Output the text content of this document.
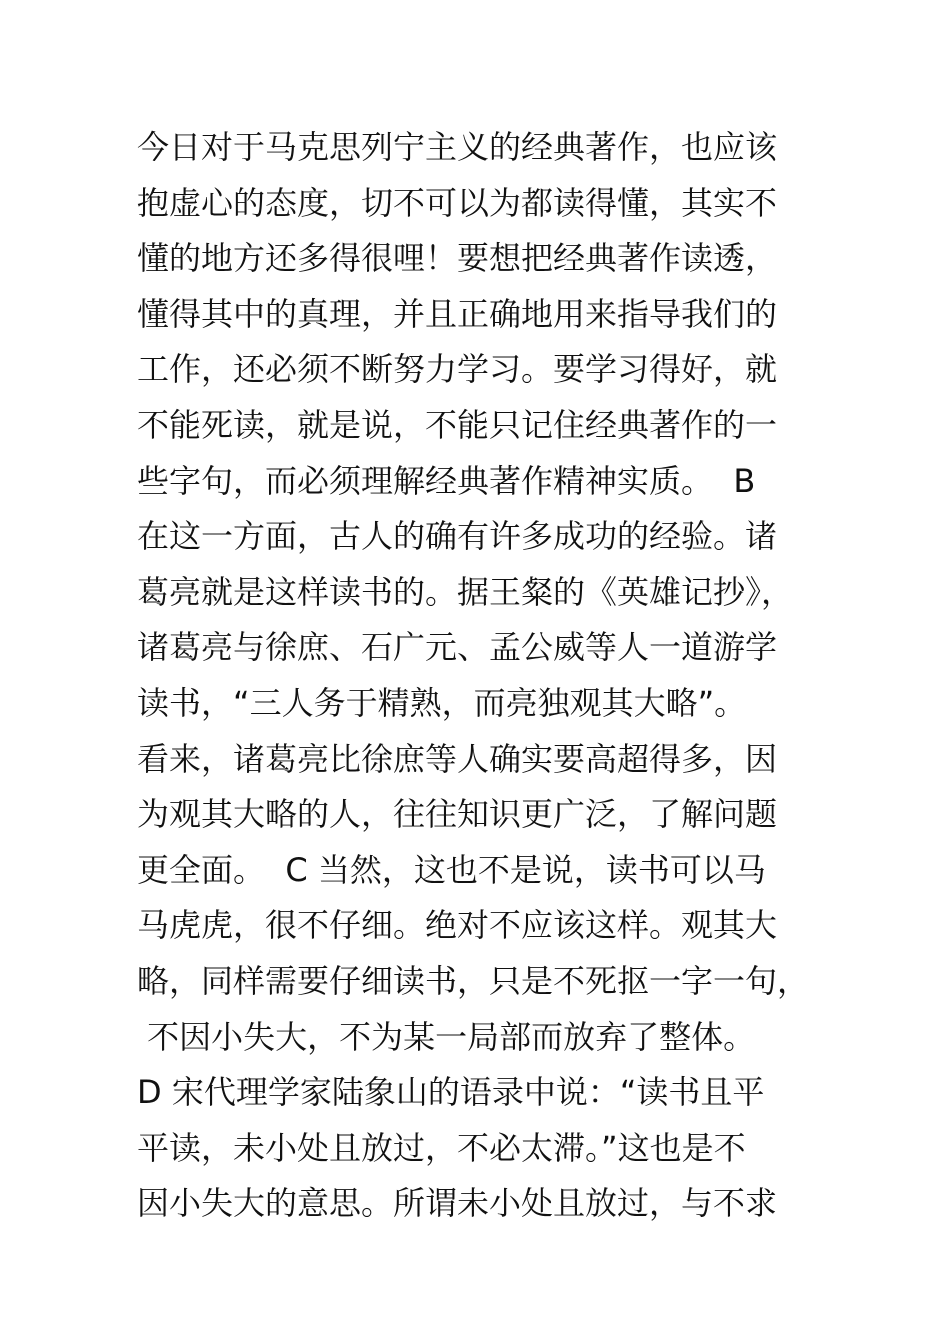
今日对于马克思列宁主义的经典著作，也应该
抱虚心的态度，切不可以为都读得懂，其实不
懂的地方还多得很哩！要想把经典著作读透，
懂得其中的真理，并且正确地用来指导我们的
工作，还必须不断努力学习。要学习得好，就
不能死读，就是说，不能只记住经典著作的一
些字句，而必须理解经典著作精神实质。  B
在这一方面，古人的确有许多成功的经验。诸
葛亮就是这样读书的。据王粲的《英雄记抄》，
诸葛亮与徐庶、石广元、孟公威等人一道游学
读书，“三人务于精熟，而亮独观其大略”。
看来，诸葛亮比徐庶等人确实要高超得多，因
为观其大略的人，往往知识更广泛，了解问题
更全面。  C 当然，这也不是说，读书可以马
马虎虎，很不仔细。绝对不应该这样。观其大
略，同样需要仔细读书，只是不死抠一字一句，
不因小失大，不为某一局部而放弃了整体。
D 宋代理学家陆象山的语录中说：“读书且平
平读，未小处且放过，不必太滞。”这也是不
因小失大的意思。所谓未小处且放过，与不求
